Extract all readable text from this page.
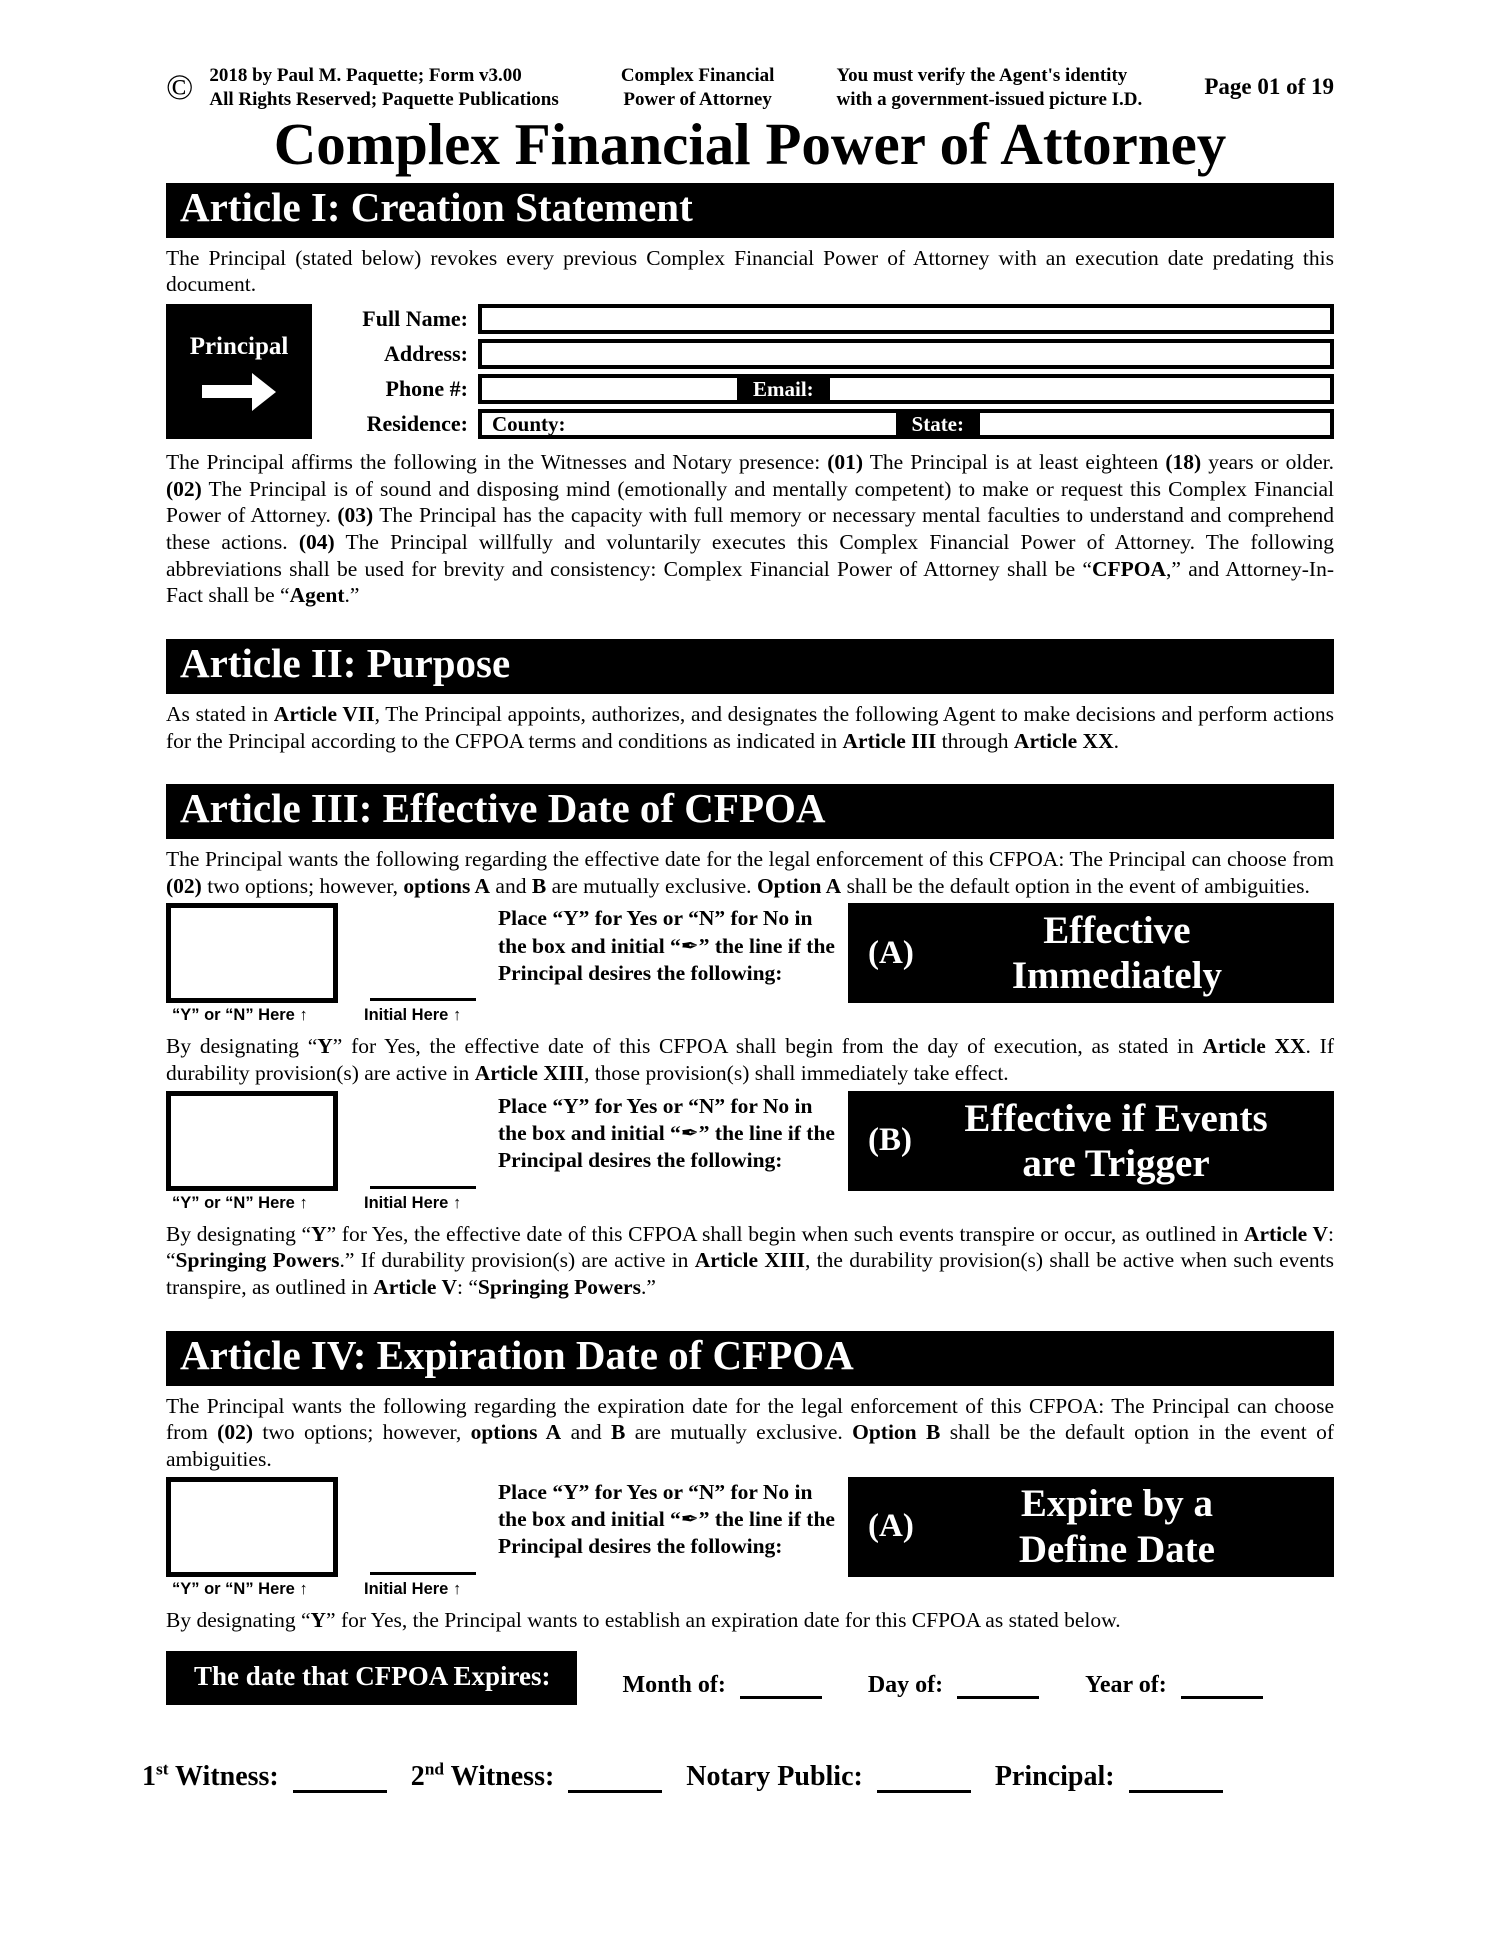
© 2018 by Paul M. Paquette; Form v3.00
All Rights Reserved; Paquette Publications
Complex Financial
Power of Attorney
You must verify the Agent's identity
with a government-issued picture I.D.	Page 01 of 19
Complex Financial Power of Attorney
Article I: Creation Statement

The Principal (stated below) revokes every previous Complex Financial Power of Attorney with an execution date predating this document.

Principal
Full Name:
Address:
Phone #:	Email:
Residence:	County:	State:

The Principal affirms the following in the Witnesses and Notary presence: (01) The Principal is at least eighteen (18) years or older. (02) The Principal is of sound and disposing mind (emotionally and mentally competent) to make or request this Complex Financial Power of Attorney. (03) The Principal has the capacity with full memory or necessary mental faculties to understand and comprehend these actions. (04) The Principal willfully and voluntarily executes this Complex Financial Power of Attorney. The following abbreviations shall be used for brevity and consistency: Complex Financial Power of Attorney shall be “CFPOA,” and Attorney-In-Fact shall be “Agent.”

Article II: Purpose

As stated in Article VII, The Principal appoints, authorizes, and designates the following Agent to make decisions and perform actions for the Principal according to the CFPOA terms and conditions as indicated in Article III through Article XX.

Article III: Effective Date of CFPOA

The Principal wants the following regarding the effective date for the legal enforcement of this CFPOA: The Principal can choose from (02) two options; however, options A and B are mutually exclusive. Option A shall be the default option in the event of ambiguities.

Place “Y” for Yes or “N” for No in the box and initial “✒” the line if the Principal desires the following:

(A)
Effective
Immediately
“Y” or “N” Here ↑	Initial Here ↑

By designating “Y” for Yes, the effective date of this CFPOA shall begin from the day of execution, as stated in Article XX. If durability provision(s) are active in Article XIII, those provision(s) shall immediately take effect.

Place “Y” for Yes or “N” for No in the box and initial “✒” the line if the Principal desires the following:

(B)
Effective if Events
are Trigger
“Y” or “N” Here ↑	Initial Here ↑

By designating “Y” for Yes, the effective date of this CFPOA shall begin when such events transpire or occur, as outlined in Article V: “Springing Powers.” If durability provision(s) are active in Article XIII, the durability provision(s) shall be active when such events transpire, as outlined in Article V: “Springing Powers.”

Article IV: Expiration Date of CFPOA

The Principal wants the following regarding the expiration date for the legal enforcement of this CFPOA: The Principal can choose from (02) two options; however, options A and B are mutually exclusive. Option B shall be the default option in the event of ambiguities.

Place “Y” for Yes or “N” for No in the box and initial “✒” the line if the Principal desires the following:

(A)
Expire by a
Define Date
“Y” or “N” Here ↑	Initial Here ↑

By designating “Y” for Yes, the Principal wants to establish an expiration date for this CFPOA as stated below.

The date that CFPOA Expires:	Month of:	Day of:	Year of:
1st Witness:	2nd Witness:	Notary Public:	Principal:
